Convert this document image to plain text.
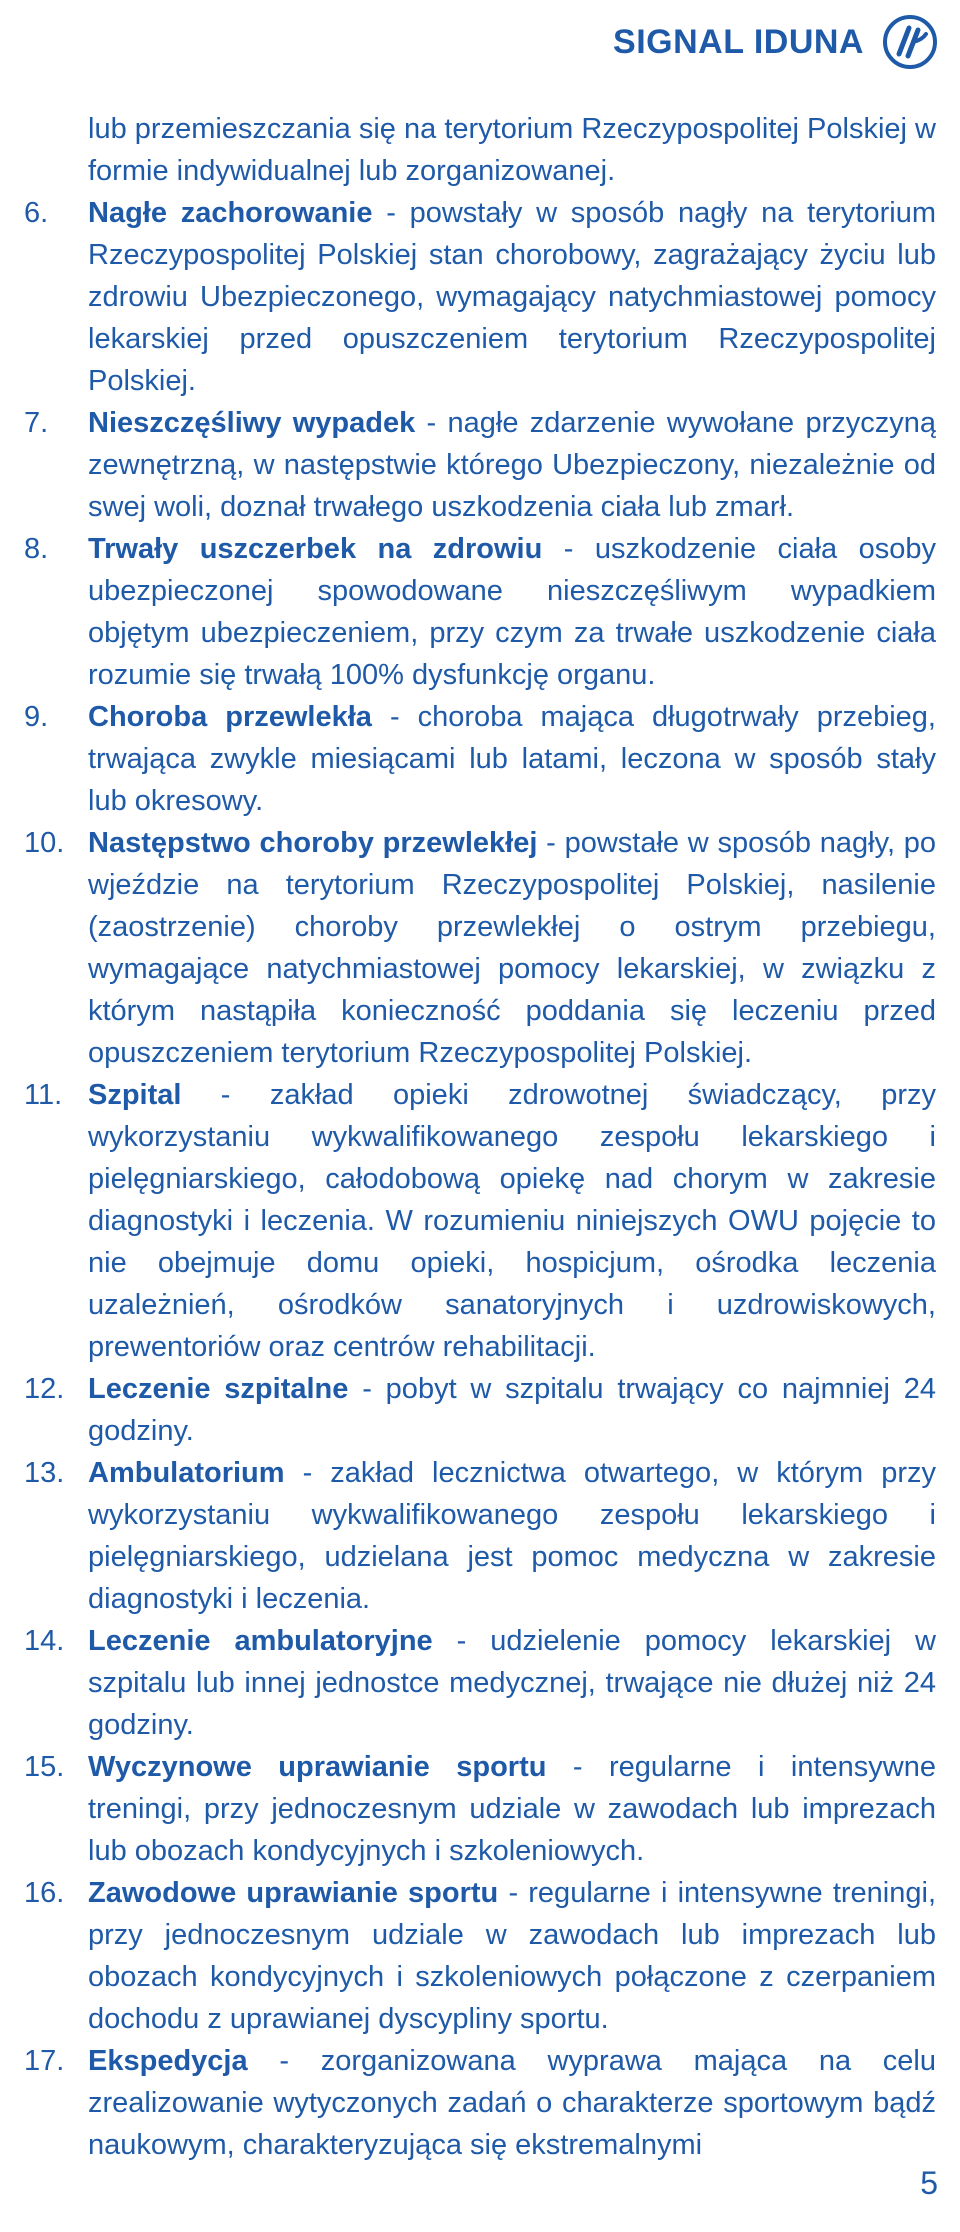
SIGNAL IDUNA

lub przemieszczania się na terytorium Rzeczypospolitej Polskiej w formie indywidualnej lub zorganizowanej.

6.	Nagłe zachorowanie - powstały w sposób nagły na terytorium Rzeczypospolitej Polskiej stan chorobowy, zagrażający życiu lub zdrowiu Ubezpieczonego, wymagający natychmiastowej pomocy lekarskiej przed opuszczeniem terytorium Rzeczypospolitej Polskiej.

7.	Nieszczęśliwy wypadek - nagłe zdarzenie wywołane przyczyną zewnętrzną, w następstwie którego Ubezpieczony, niezależnie od swej woli, doznał trwałego uszkodzenia ciała lub zmarł.

8.	Trwały uszczerbek na zdrowiu - uszkodzenie ciała osoby ubezpieczonej spowodowane nieszczęśliwym wypadkiem objętym ubezpieczeniem, przy czym za trwałe uszkodzenie ciała rozumie się trwałą 100% dysfunkcję organu.

9.	Choroba przewlekła - choroba mająca długotrwały przebieg, trwająca zwykle miesiącami lub latami, leczona w sposób stały lub okresowy.

10. Następstwo choroby przewlekłej - powstałe w sposób nagły, po wjeździe na terytorium Rzeczypospolitej Polskiej, nasilenie (zaostrzenie) choroby przewlekłej o ostrym przebiegu, wymagające natychmiastowej pomocy lekarskiej, w związku z którym nastąpiła konieczność poddania się leczeniu przed opuszczeniem terytorium Rzeczypospolitej Polskiej.

11. Szpital - zakład opieki zdrowotnej świadczący, przy wykorzystaniu wykwalifikowanego zespołu lekarskiego i pielęgniarskiego, całodobową opiekę nad chorym w zakresie diagnostyki i leczenia. W rozumieniu niniejszych OWU pojęcie to nie obejmuje domu opieki, hospicjum, ośrodka leczenia uzależnień, ośrodków sanatoryjnych i uzdrowiskowych, prewentoriów oraz centrów rehabilitacji.

12. Leczenie szpitalne - pobyt w szpitalu trwający co najmniej 24 godziny.

13. Ambulatorium - zakład lecznictwa otwartego, w którym przy wykorzystaniu wykwalifikowanego zespołu lekarskiego i pielęgniarskiego, udzielana jest pomoc medyczna w zakresie diagnostyki i leczenia.

14. Leczenie ambulatoryjne - udzielenie pomocy lekarskiej w szpitalu lub innej jednostce medycznej, trwające nie dłużej niż 24 godziny.

15. Wyczynowe uprawianie sportu - regularne i intensywne treningi, przy jednoczesnym udziale w zawodach lub imprezach lub obozach kondycyjnych i szkoleniowych.

16. Zawodowe uprawianie sportu - regularne i intensywne treningi, przy jednoczesnym udziale w zawodach lub imprezach lub obozach kondycyjnych i szkoleniowych połączone z czerpaniem dochodu z uprawianej dyscypliny sportu.

17. Ekspedycja - zorganizowana wyprawa mająca na celu zrealizowanie wytyczonych zadań o charakterze sportowym bądź naukowym, charakteryzująca się ekstremalnymi

5
